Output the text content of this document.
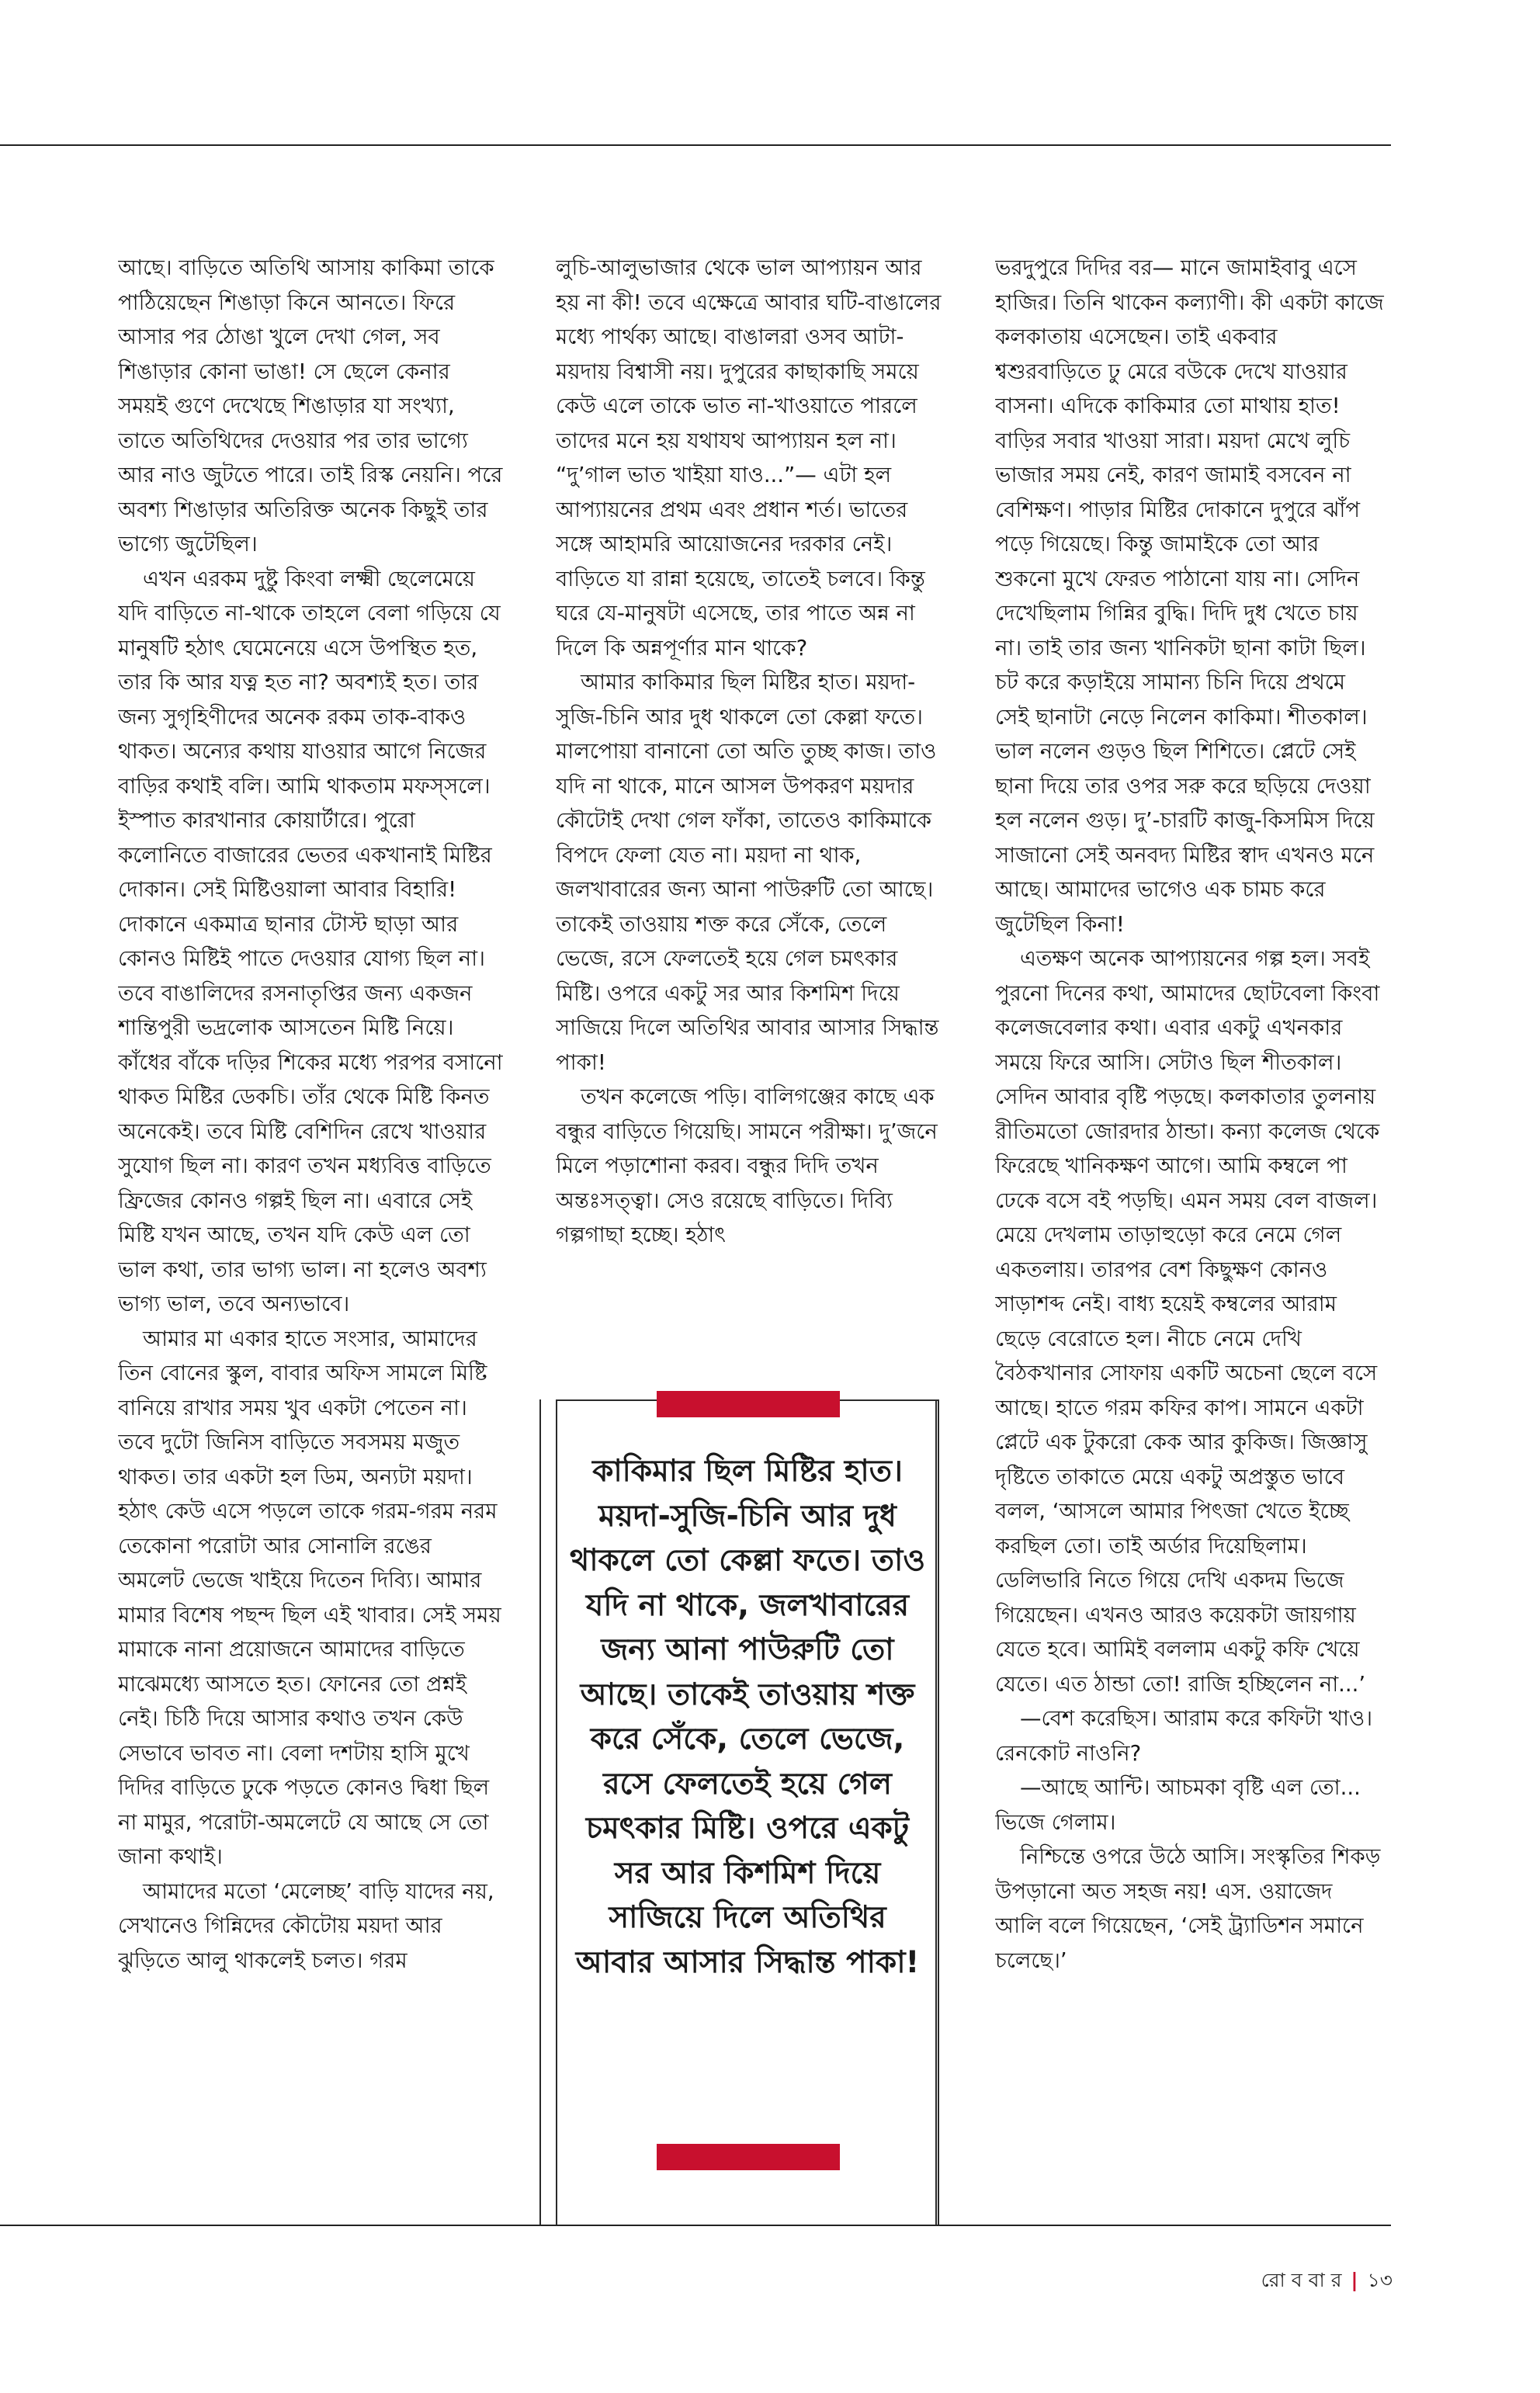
আছে। বাড়িতে অতিথি আসায় কাকিমা তাকে পাঠিয়েছেন শিঙাড়া কিনে আনতে। ফিরে আসার পর ঠোঙা খুলে দেখা গেল, সব শিঙাড়ার কোনা ভাঙা! সে ছেলে কেনার সময়ই গুণে দেখেছে শিঙাড়ার যা সংখ্যা, তাতে অতিথিদের দেওয়ার পর তার ভাগ্যে আর নাও জুটতে পারে। তাই রিস্ক নেয়নি। পরে অবশ্য শিঙাড়ার অতিরিক্ত অনেক কিছুই তার ভাগ্যে জুটেছিল।

এখন এরকম দুষ্টু কিংবা লক্ষ্মী ছেলেমেয়ে যদি বাড়িতে না-থাকে তাহলে বেলা গড়িয়ে যে মানুষটি হঠাৎ ঘেমেনেয়ে এসে উপস্থিত হত, তার কি আর যত্ন হত না? অবশ্যই হত। তার জন্য সুগৃহিণীদের অনেক রকম তাক-বাকও থাকত। অন্যের কথায় যাওয়ার আগে নিজের বাড়ির কথাই বলি। আমি থাকতাম মফস্সলে। ইস্পাত কারখানার কোয়ার্টারে। পুরো কলোনিতে বাজারের ভেতর একখানাই মিষ্টির দোকান। সেই মিষ্টিওয়ালা আবার বিহারি! দোকানে একমাত্র ছানার টোস্ট ছাড়া আর কোনও মিষ্টিই পাতে দেওয়ার যোগ্য ছিল না। তবে বাঙালিদের রসনাতৃপ্তির জন্য একজন শান্তিপুরী ভদ্রলোক আসতেন মিষ্টি নিয়ে। কাঁধের বাঁকে দড়ির শিকের মধ্যে পরপর বসানো থাকত মিষ্টির ডেকচি। তাঁর থেকে মিষ্টি কিনত অনেকেই। তবে মিষ্টি বেশিদিন রেখে খাওয়ার সুযোগ ছিল না। কারণ তখন মধ্যবিত্ত বাড়িতে ফ্রিজের কোনও গল্পই ছিল না। এবারে সেই মিষ্টি যখন আছে, তখন যদি কেউ এল তো ভাল কথা, তার ভাগ্য ভাল। না হলেও অবশ্য ভাগ্য ভাল, তবে অন্যভাবে।

আমার মা একার হাতে সংসার, আমাদের তিন বোনের স্কুল, বাবার অফিস সামলে মিষ্টি বানিয়ে রাখার সময় খুব একটা পেতেন না। তবে দুটো জিনিস বাড়িতে সবসময় মজুত থাকত। তার একটা হল ডিম, অন্যটা ময়দা। হঠাৎ কেউ এসে পড়লে তাকে গরম-গরম নরম তেকোনা পরোটা আর সোনালি রঙের অমলেট ভেজে খাইয়ে দিতেন দিব্যি। আমার মামার বিশেষ পছন্দ ছিল এই খাবার। সেই সময় মামাকে নানা প্রয়োজনে আমাদের বাড়িতে মাঝেমধ্যে আসতে হত। ফোনের তো প্রশ্নই নেই। চিঠি দিয়ে আসার কথাও তখন কেউ সেভাবে ভাবত না। বেলা দশটায় হাসি মুখে দিদির বাড়িতে ঢুকে পড়তে কোনও দ্বিধা ছিল না মামুর, পরোটা-অমলেটে যে আছে সে তো জানা কথাই।

আমাদের মতো ‘মেলেচ্ছ’ বাড়ি যাদের নয়, সেখানেও গিন্নিদের কৌটোয় ময়দা আর ঝুড়িতে আলু থাকলেই চলত। গরম

লুচি-আলুভাজার থেকে ভাল আপ্যায়ন আর হয় না কী! তবে এক্ষেত্রে আবার ঘটি-বাঙালের মধ্যে পার্থক্য আছে। বাঙালরা ওসব আটা-ময়দায় বিশ্বাসী নয়। দুপুরের কাছাকাছি সময়ে কেউ এলে তাকে ভাত না-খাওয়াতে পারলে তাদের মনে হয় যথাযথ আপ্যায়ন হল না। “দু’গাল ভাত খাইয়া যাও...”— এটা হল আপ্যায়নের প্রথম এবং প্রধান শর্ত। ভাতের সঙ্গে আহামরি আয়োজনের দরকার নেই। বাড়িতে যা রান্না হয়েছে, তাতেই চলবে। কিন্তু ঘরে যে-মানুষটা এসেছে, তার পাতে অন্ন না দিলে কি অন্নপূর্ণার মান থাকে?

আমার কাকিমার ছিল মিষ্টির হাত। ময়দা-সুজি-চিনি আর দুধ থাকলে তো কেল্লা ফতে। মালপোয়া বানানো তো অতি তুচ্ছ কাজ। তাও যদি না থাকে, মানে আসল উপকরণ ময়দার কৌটোই দেখা গেল ফাঁকা, তাতেও কাকিমাকে বিপদে ফেলা যেত না। ময়দা না থাক, জলখাবারের জন্য আনা পাউরুটি তো আছে। তাকেই তাওয়ায় শক্ত করে সেঁকে, তেলে ভেজে, রসে ফেলতেই হয়ে গেল চমৎকার মিষ্টি। ওপরে একটু সর আর কিশমিশ দিয়ে সাজিয়ে দিলে অতিথির আবার আসার সিদ্ধান্ত পাকা!

তখন কলেজে পড়ি। বালিগঞ্জের কাছে এক বন্ধুর বাড়িতে গিয়েছি। সামনে পরীক্ষা। দু’জনে মিলে পড়াশোনা করব। বন্ধুর দিদি তখন অন্তঃসত্ত্বা। সেও রয়েছে বাড়িতে। দিব্যি গল্পগাছা হচ্ছে। হঠাৎ

কাকিমার ছিল মিষ্টির হাত। ময়দা-সুজি-চিনি আর দুধ থাকলে তো কেল্লা ফতে। তাও যদি না থাকে, জলখাবারের জন্য আনা পাউরুটি তো আছে। তাকেই তাওয়ায় শক্ত করে সেঁকে, তেলে ভেজে, রসে ফেলতেই হয়ে গেল চমৎকার মিষ্টি। ওপরে একটু সর আর কিশমিশ দিয়ে সাজিয়ে দিলে অতিথির আবার আসার সিদ্ধান্ত পাকা!

ভরদুপুরে দিদির বর— মানে জামাইবাবু এসে হাজির। তিনি থাকেন কল্যাণী। কী একটা কাজে কলকাতায় এসেছেন। তাই একবার শ্বশুরবাড়িতে ঢু মেরে বউকে দেখে যাওয়ার বাসনা। এদিকে কাকিমার তো মাথায় হাত! বাড়ির সবার খাওয়া সারা। ময়দা মেখে লুচি ভাজার সময় নেই, কারণ জামাই বসবেন না বেশিক্ষণ। পাড়ার মিষ্টির দোকানে দুপুরে ঝাঁপ পড়ে গিয়েছে। কিন্তু জামাইকে তো আর শুকনো মুখে ফেরত পাঠানো যায় না। সেদিন দেখেছিলাম গিন্নির বুদ্ধি। দিদি দুধ খেতে চায় না। তাই তার জন্য খানিকটা ছানা কাটা ছিল। চট করে কড়াইয়ে সামান্য চিনি দিয়ে প্রথমে সেই ছানাটা নেড়ে নিলেন কাকিমা। শীতকাল। ভাল নলেন গুড়ও ছিল শিশিতে। প্লেটে সেই ছানা দিয়ে তার ওপর সরু করে ছড়িয়ে দেওয়া হল নলেন গুড়। দু’-চারটি কাজু-কিসমিস দিয়ে সাজানো সেই অনবদ্য মিষ্টির স্বাদ এখনও মনে আছে। আমাদের ভাগেও এক চামচ করে জুটেছিল কিনা!

এতক্ষণ অনেক আপ্যায়নের গল্প হল। সবই পুরনো দিনের কথা, আমাদের ছোটবেলা কিংবা কলেজবেলার কথা। এবার একটু এখনকার সময়ে ফিরে আসি। সেটাও ছিল শীতকাল। সেদিন আবার বৃষ্টি পড়ছে। কলকাতার তুলনায় রীতিমতো জোরদার ঠান্ডা। কন্যা কলেজ থেকে ফিরেছে খানিকক্ষণ আগে। আমি কম্বলে পা ঢেকে বসে বই পড়ছি। এমন সময় বেল বাজল। মেয়ে দেখলাম তাড়াহুড়ো করে নেমে গেল একতলায়। তারপর বেশ কিছুক্ষণ কোনও সাড়াশব্দ নেই। বাধ্য হয়েই কম্বলের আরাম ছেড়ে বেরোতে হল। নীচে নেমে দেখি বৈঠকখানার সোফায় একটি অচেনা ছেলে বসে আছে। হাতে গরম কফির কাপ। সামনে একটা প্লেটে এক টুকরো কেক আর কুকিজ। জিজ্ঞাসু দৃষ্টিতে তাকাতে মেয়ে একটু অপ্রস্তুত ভাবে বলল, ‘আসলে আমার পিৎজা খেতে ইচ্ছে করছিল তো। তাই অর্ডার দিয়েছিলাম। ডেলিভারি নিতে গিয়ে দেখি একদম ভিজে গিয়েছেন। এখনও আরও কয়েকটা জায়গায় যেতে হবে। আমিই বললাম একটু কফি খেয়ে যেতে। এত ঠান্ডা তো! রাজি হচ্ছিলেন না...’

—বেশ করেছিস। আরাম করে কফিটা খাও। রেনকোট নাওনি?

—আছে আন্টি। আচমকা বৃষ্টি এল তো... ভিজে গেলাম।

নিশ্চিন্তে ওপরে উঠে আসি। সংস্কৃতির শিকড় উপড়ানো অত সহজ নয়! এস. ওয়াজেদ আলি বলে গিয়েছেন, ‘সেই ট্র্যাডিশন সমানে চলেছে।’

রো ব বা র | ১৩
